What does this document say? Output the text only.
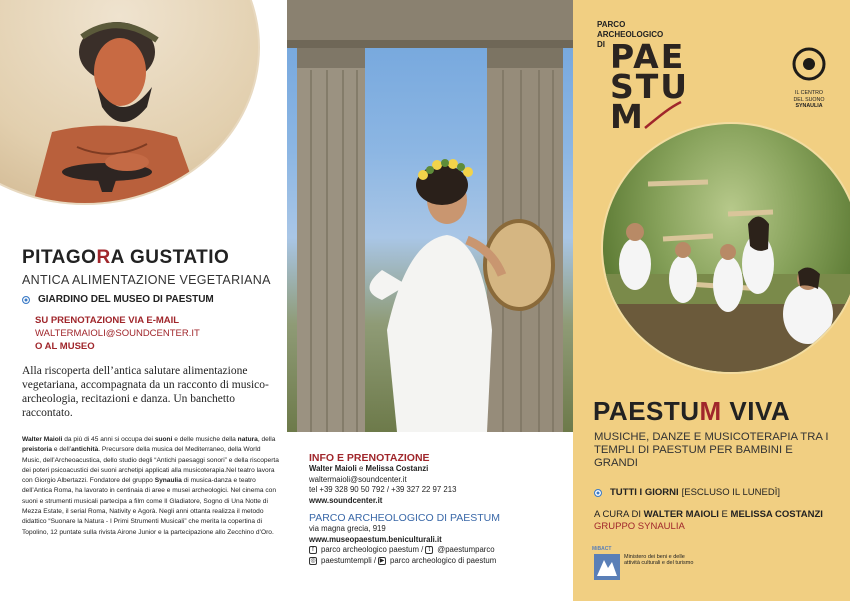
PITAGORA GUSTATIO
ANTICA ALIMENTAZIONE VEGETARIANA
GIARDINO DEL MUSEO DI PAESTUM
SU PRENOTAZIONE VIA E-MAIL
WALTERMAIOLI@SOUNDCENTER.IT
O AL MUSEO
Alla riscoperta dell’antica salutare alimentazione vegetariana, accompagnata da un racconto di musico-archeologia, recitazioni e danza. Un banchetto raccontato.
Walter Maioli da più di 45 anni si occupa dei suoni e delle musiche della natura, della preistoria e dell’antichità. Precursore della musica del Mediterraneo, della World Music, dell’Archeoacustica, dello studio degli “Antichi paesaggi sonori” e della riscoperta dei poteri psicoacustici dei suoni archetipi applicati alla musicoterapia.Nel teatro lavora con Giorgio Albertazzi. Fondatore del gruppo Synaulia di musica-danza e teatro dell’Antica Roma, ha lavorato in centinaia di aree e musei archeologici. Nel cinema con suoni e strumenti musicali partecipa a film come Il Gladiatore, Sogno di Una Notte di Mezza Estate, il serial Roma, Nativity e Agorà. Negli anni ottanta realizza il metodo didattico “Suonare la Natura - I Primi Strumenti Musicali” che merita la copertina di Topolino, 12 puntate sulla rivista Airone Junior e la partecipazione allo Zecchino d’Oro.
INFO E PRENOTAZIONE
Walter Maioli e Melissa Costanzi
waltermaioli@soundcenter.it
tel +39 328 90 50 792 / +39 327 22 97 213
www.soundcenter.it
PARCO ARCHEOLOGICO DI PAESTUM
via magna grecia, 919
www.museopaestum.beniculturali.it
f parco archeologico paestum / t @paestumparco
◎ paestumtempli / ▶ parco archeologico di paestum
PARCO
ARCHEOLOGICO
DI PAE
STU
M
IL CENTRO
DEL SUONO
SYNAULIA
PAESTUM VIVA
MUSICHE, DANZE E MUSICOTERAPIA TRA I TEMPLI DI PAESTUM PER BAMBINI E GRANDI
TUTTI I GIORNI [ESCLUSO IL LUNEDÌ]
A CURA DI WALTER MAIOLI E MELISSA COSTANZI
GRUPPO SYNAULIA
MiBACT
Ministero dei beni e delle attività culturali e del turismo
